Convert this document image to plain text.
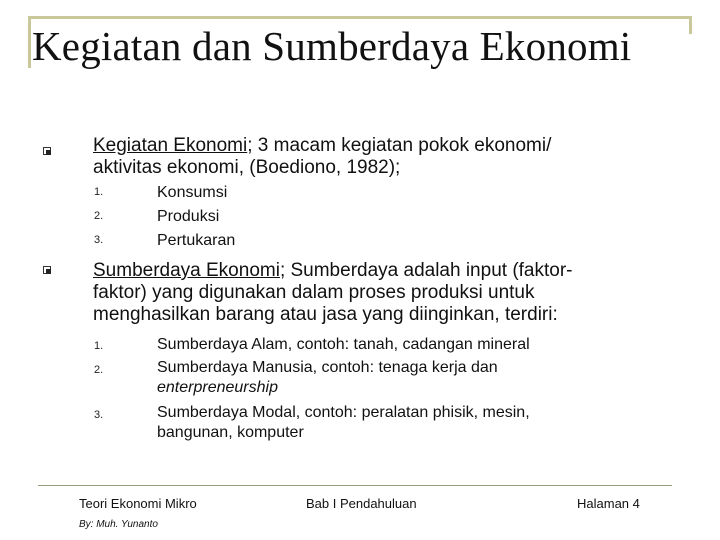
Kegiatan dan Sumberdaya Ekonomi
Kegiatan Ekonomi; 3 macam kegiatan pokok ekonomi/
aktivitas ekonomi, (Boediono, 1982);
1.	Konsumsi
2.	Produksi
3.	Pertukaran
Sumberdaya Ekonomi; Sumberdaya adalah input (faktor-
faktor) yang digunakan dalam proses produksi untuk
menghasilkan barang atau jasa yang diinginkan, terdiri:
1.	Sumberdaya Alam, contoh: tanah, cadangan mineral
2.	Sumberdaya Manusia, contoh: tenaga kerja dan
enterpreneurship
3.	Sumberdaya Modal, contoh: peralatan phisik, mesin,
bangunan, komputer
Teori Ekonomi Mikro	Bab I Pendahuluan	Halaman 4
By: Muh. Yunanto
